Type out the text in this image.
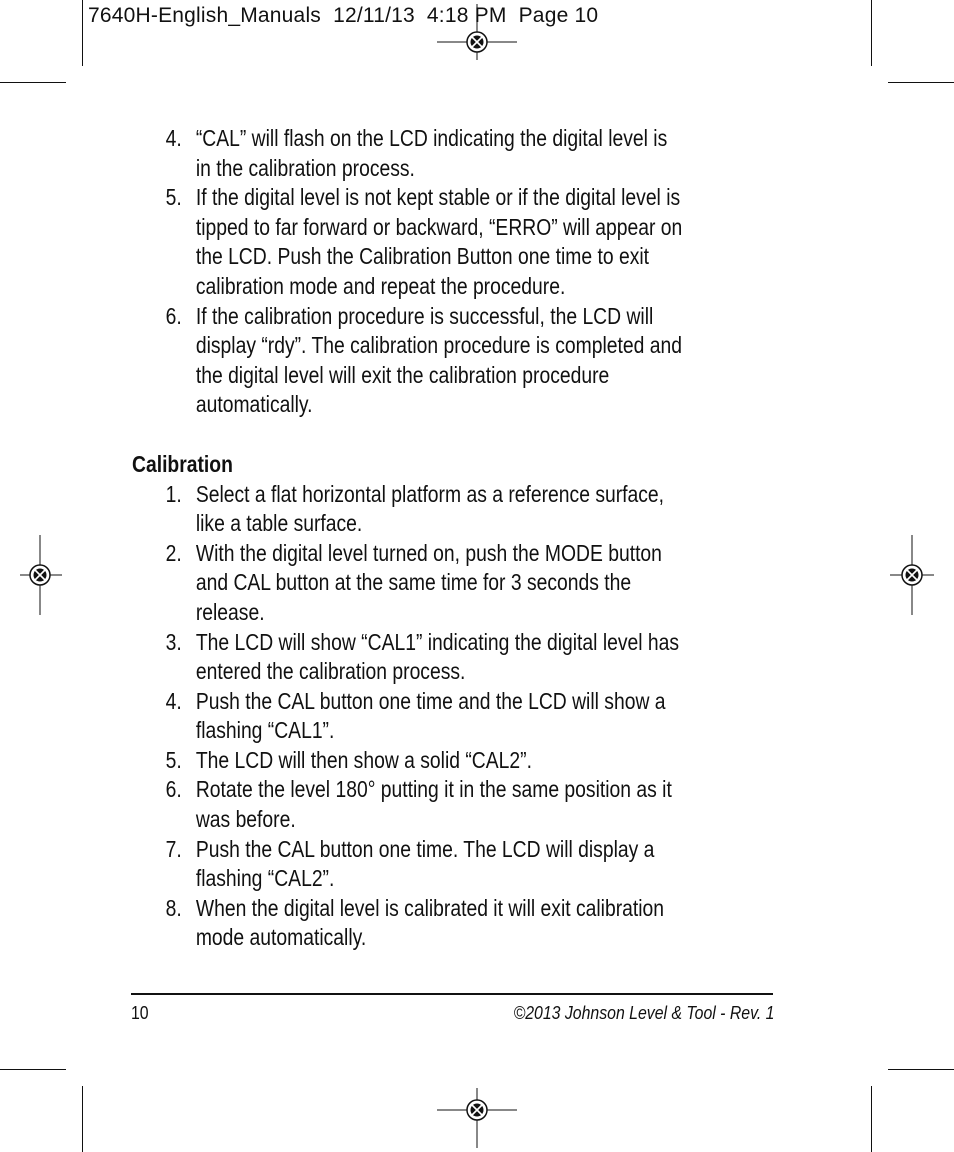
7640H-English_Manuals  12/11/13  4:18 PM  Page 10
4. “CAL” will flash on the LCD indicating the digital level is in the calibration process.
5. If the digital level is not kept stable or if the digital level is tipped to far forward or backward, “ERRO” will appear on the LCD. Push the Calibration Button one time to exit calibration mode and repeat the procedure.
6. If the calibration procedure is successful, the LCD will display “rdy”. The calibration procedure is completed and the digital level will exit the calibration procedure automatically.
Calibration
1. Select a flat horizontal platform as a reference surface, like a table surface.
2. With the digital level turned on, push the MODE button and CAL button at the same time for 3 seconds the release.
3. The LCD will show “CAL1” indicating the digital level has entered the calibration process.
4. Push the CAL button one time and the LCD will show a flashing “CAL1”.
5. The LCD will then show a solid “CAL2”.
6. Rotate the level 180° putting it in the same position as it was before.
7. Push the CAL button one time. The LCD will display a flashing “CAL2”.
8. When the digital level is calibrated it will exit calibration mode automatically.
10	©2013 Johnson Level & Tool - Rev. 1
